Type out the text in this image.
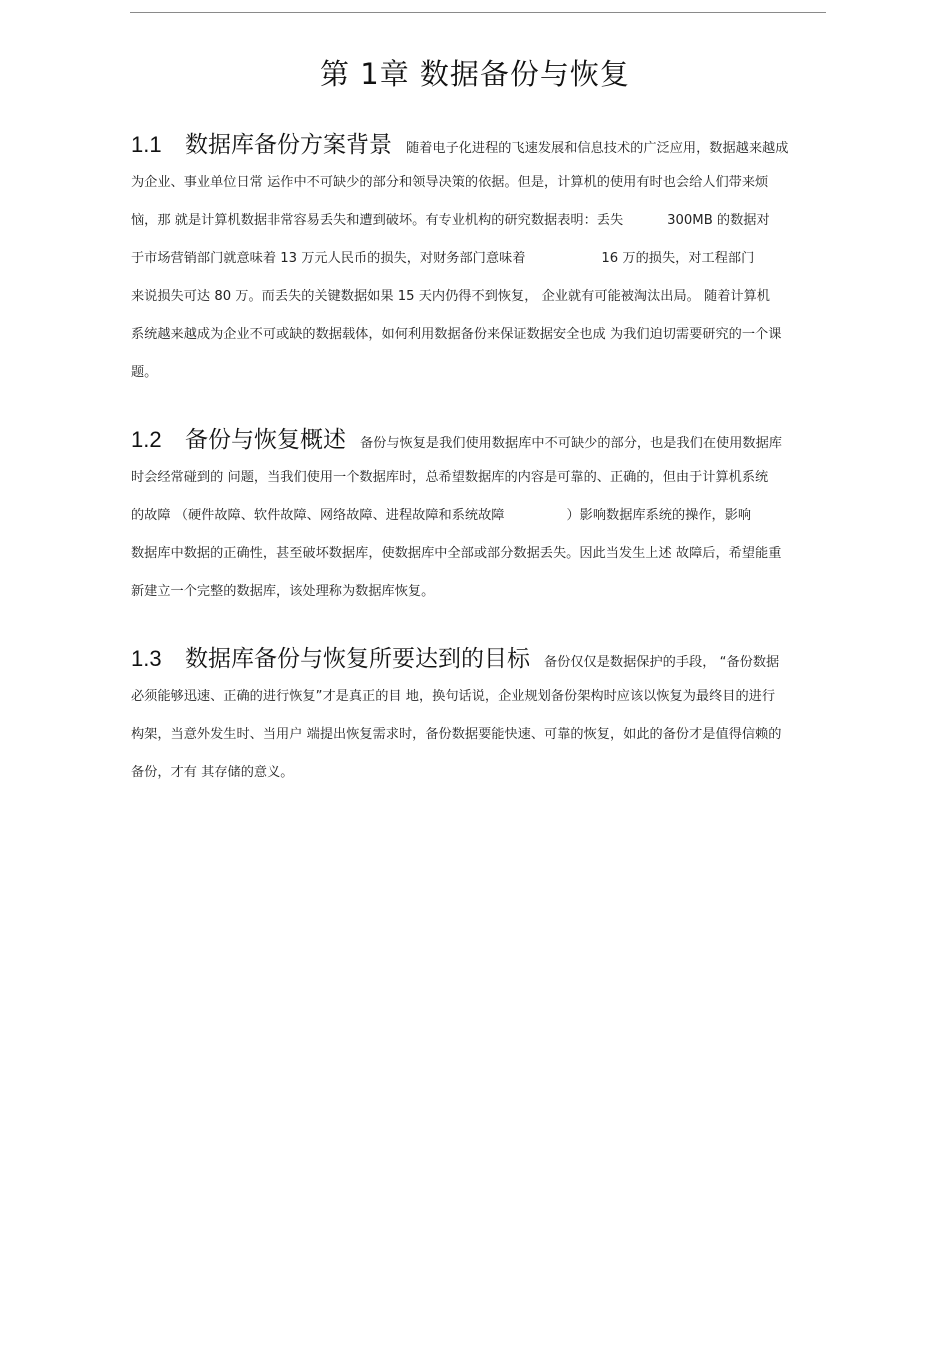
第 1章 数据备份与恢复
1.1 数据库备份方案背景 随着电子化进程的飞速发展和信息技术的广泛应用，数据越来越成
为企业、事业单位日常 运作中不可缺少的部分和领导决策的依据。但是，计算机的使用有时也会给人们带来烦
恼，那 就是计算机数据非常容易丢失和遭到破坏。有专业机构的研究数据表明：丢失	300MB 的数据对
于市场营销部门就意味着 13 万元人民币的损失，对财务部门意味着	16 万的损失，对工程部门
来说损失可达 80 万。而丢失的关键数据如果 15 天内仍得不到恢复， 企业就有可能被淘汰出局。 随着计算机
系统越来越成为企业不可或缺的数据载体，如何利用数据备份来保证数据安全也成 为我们迫切需要研究的一个课
题。
1.2 备份与恢复概述 备份与恢复是我们使用数据库中不可缺少的部分，也是我们在使用数据库
时会经常碰到的 问题，当我们使用一个数据库时，总希望数据库的内容是可靠的、正确的，但由于计算机系统
的故障 （硬件故障、软件故障、网络故障、进程故障和系统故障	）影响数据库系统的操作，影响
数据库中数据的正确性，甚至破坏数据库，使数据库中全部或部分数据丢失。因此当发生上述 故障后，希望能重
新建立一个完整的数据库，该处理称为数据库恢复。
1.3 数据库备份与恢复所要达到的目标 备份仅仅是数据保护的手段， “备份数据
必须能够迅速、正确的进行恢复”才是真正的目 地，换句话说，企业规划备份架构时应该以恢复为最终目的进行
构架，当意外发生时、当用户 端提出恢复需求时，备份数据要能快速、可靠的恢复，如此的备份才是值得信赖的
备份，才有 其存储的意义。
